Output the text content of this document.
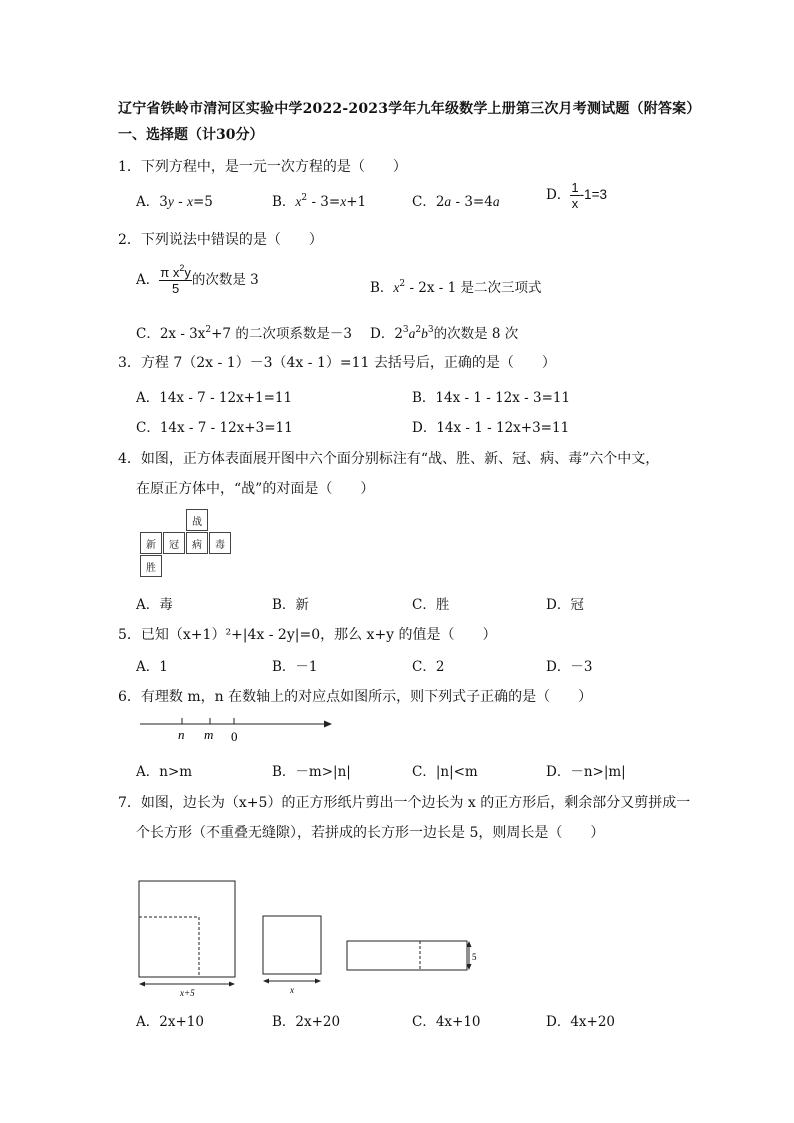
辽宁省铁岭市清河区实验中学2022-2023学年九年级数学上册第三次月考测试题（附答案）
一、选择题（计30分）
1．下列方程中，是一元一次方程的是（　　）
A．3y - x=5	B．$x^2 - 3=x+1$	C．2a - 3=4a	D． $\frac{1}{x} -1=3$
2．下列说法中错误的是（　　）
A． $\frac{\pi x^2y}{5}$ 的次数是 3	B．$x^2 - 2x - 1$ 是二次三项式
C．$2x - 3x^2+7$ 的二次项系数是－3 D．$2^3a^2b^3$的次数是 8 次
3．方程 7（2x - 1）－3（4x - 1）=11 去括号后，正确的是（　　）
A．14x - 7 - 12x+1=11	B．14x - 1 - 12x - 3=11
C．14x - 7 - 12x+3=11	D．14x - 1 - 12x+3=11
4．如图，正方体表面展开图中六个面分别标注有“战、胜、新、冠、病、毒”六个中文，
在原正方体中，“战”的对面是（　　）
战
新	冠	病	毒
胜
A．毒	B．新	C．胜	D．冠
5．已知（x+1）²+|4x - 2y|=0，那么 x+y 的值是（　　）
A．1	B．－1	C．2	D．－3
6．有理数 m，n 在数轴上的对应点如图所示，则下列式子正确的是（　　）
n m 0
A．n>m	B．－m>|n|	C．|n|<m	D．－n>|m|
7．如图，边长为（x+5）的正方形纸片剪出一个边长为 x 的正方形后，剩余部分又剪拼成一
个长方形（不重叠无缝隙），若拼成的长方形一边长是 5，则周长是（　　）
x+5	x
5
A．2x+10	B．2x+20	C．4x+10	D．4x+20
